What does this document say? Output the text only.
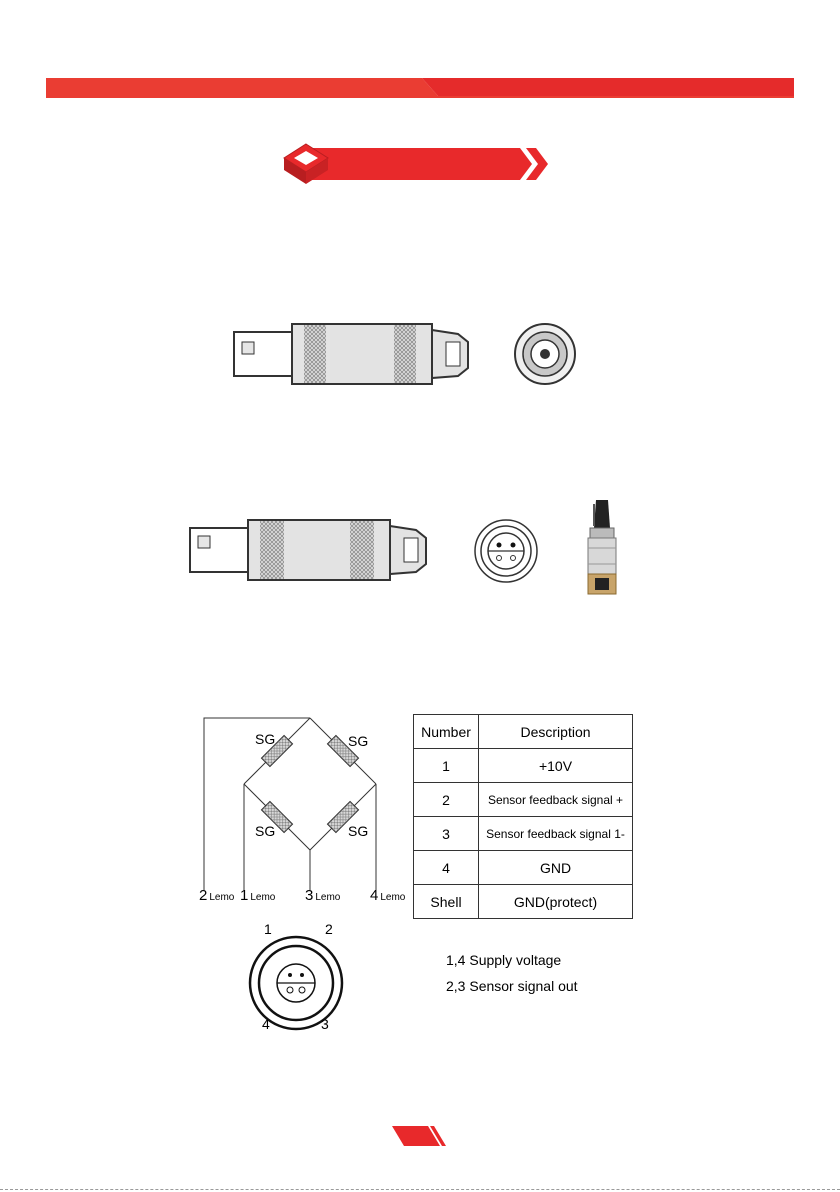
SG	SG
SG	SG
2 Lemo 1 Lemo 3 Lemo 4 Lemo
Number	Description
1	+10V
2	Sensor feedback signal +
3	Sensor feedback signal 1-
4	GND
Shell	GND(protect)
1	2
4	3
1,4 Supply voltage
2,3 Sensor signal out
